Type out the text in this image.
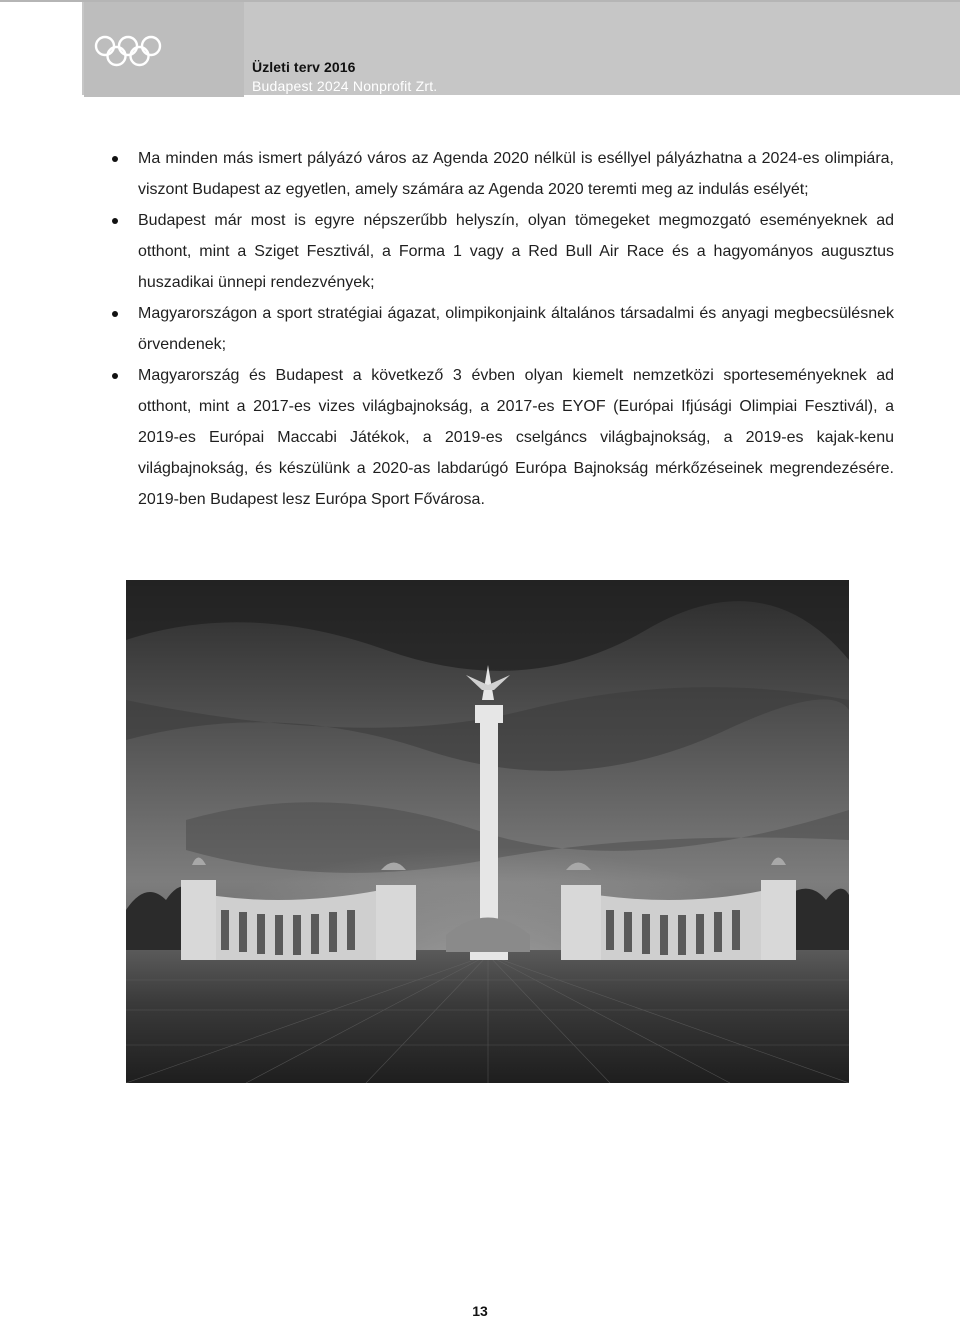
Üzleti terv 2016
Budapest 2024 Nonprofit Zrt.
Ma minden más ismert pályázó város az Agenda 2020 nélkül is eséllyel pályázhatna a 2024-es olimpiára, viszont Budapest az egyetlen, amely számára az Agenda 2020 teremti meg az indulás esélyét;
Budapest már most is egyre népszerűbb helyszín, olyan tömegeket megmozgató eseményeknek ad otthont, mint a Sziget Fesztivál, a Forma 1 vagy a Red Bull Air Race és a hagyományos augusztus huszadikai ünnepi rendezvények;
Magyarországon a sport stratégiai ágazat, olimpikonjaink általános társadalmi és anyagi megbecsülésnek örvendenek;
Magyarország és Budapest a következő 3 évben olyan kiemelt nemzetközi sporteseményeknek ad otthont, mint a 2017-es vizes világbajnokság, a 2017-es EYOF (Európai Ifjúsági Olimpiai Fesztivál), a 2019-es Európai Maccabi Játékok, a 2019-es cselgáncs világbajnokság, a 2019-es kajak-kenu világbajnokság, és készülünk a 2020-as labdarúgó Európa Bajnokság mérkőzéseinek megrendezésére. 2019-ben Budapest lesz Európa Sport Fővárosa.
13
